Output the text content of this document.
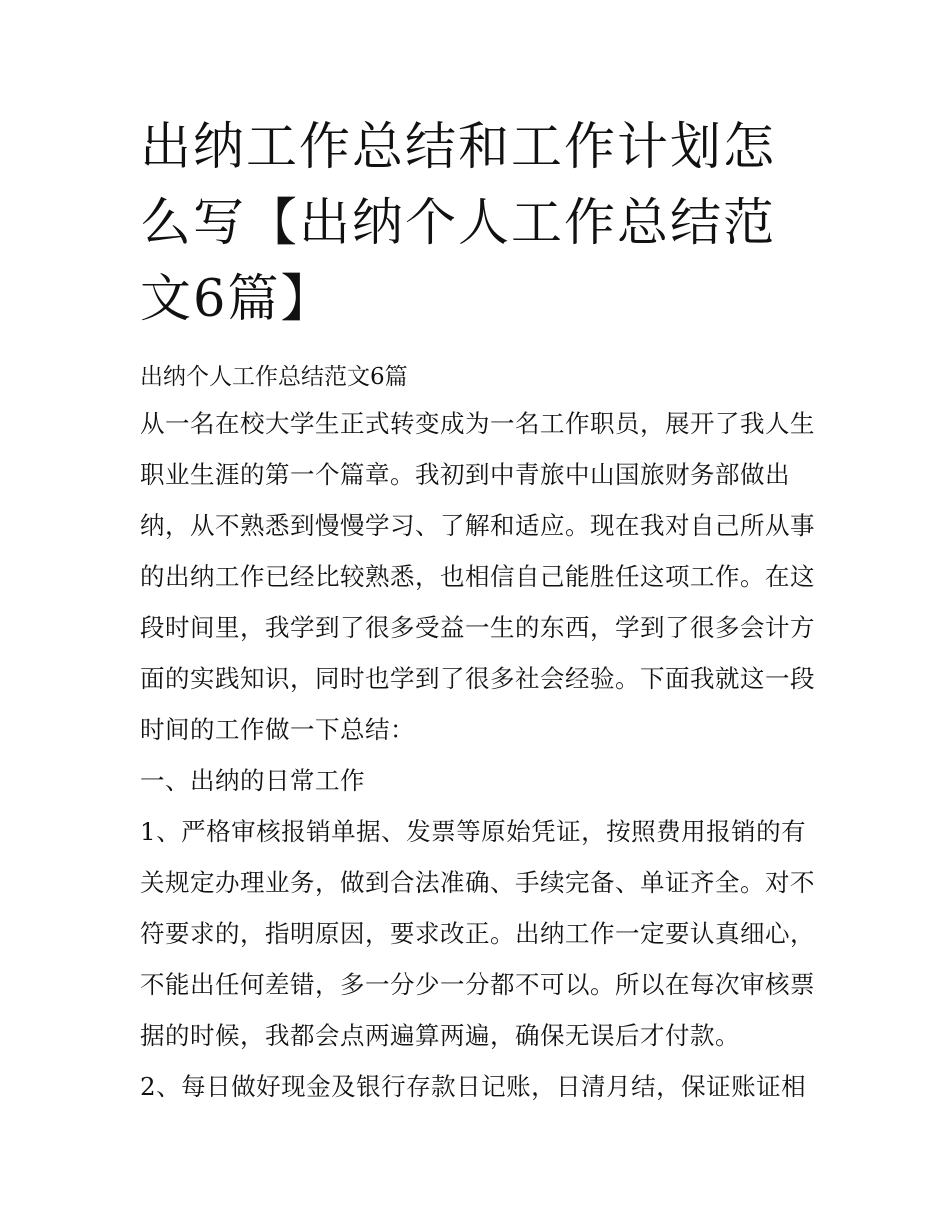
出纳工作总结和工作计划怎么写【出纳个人工作总结范文6篇】
出纳个人工作总结范文6篇

从一名在校大学生正式转变成为一名工作职员，展开了我人生职业生涯的第一个篇章。我初到中青旅中山国旅财务部做出纳，从不熟悉到慢慢学习、了解和适应。现在我对自己所从事的出纳工作已经比较熟悉，也相信自己能胜任这项工作。在这段时间里，我学到了很多受益一生的东西，学到了很多会计方面的实践知识，同时也学到了很多社会经验。下面我就这一段时间的工作做一下总结：

一、出纳的日常工作

1、严格审核报销单据、发票等原始凭证，按照费用报销的有关规定办理业务，做到合法准确、手续完备、单证齐全。对不符要求的，指明原因，要求改正。出纳工作一定要认真细心，不能出任何差错，多一分少一分都不可以。所以在每次审核票据的时候，我都会点两遍算两遍，确保无误后才付款。

2、每日做好现金及银行存款日记账，日清月结，保证账证相
